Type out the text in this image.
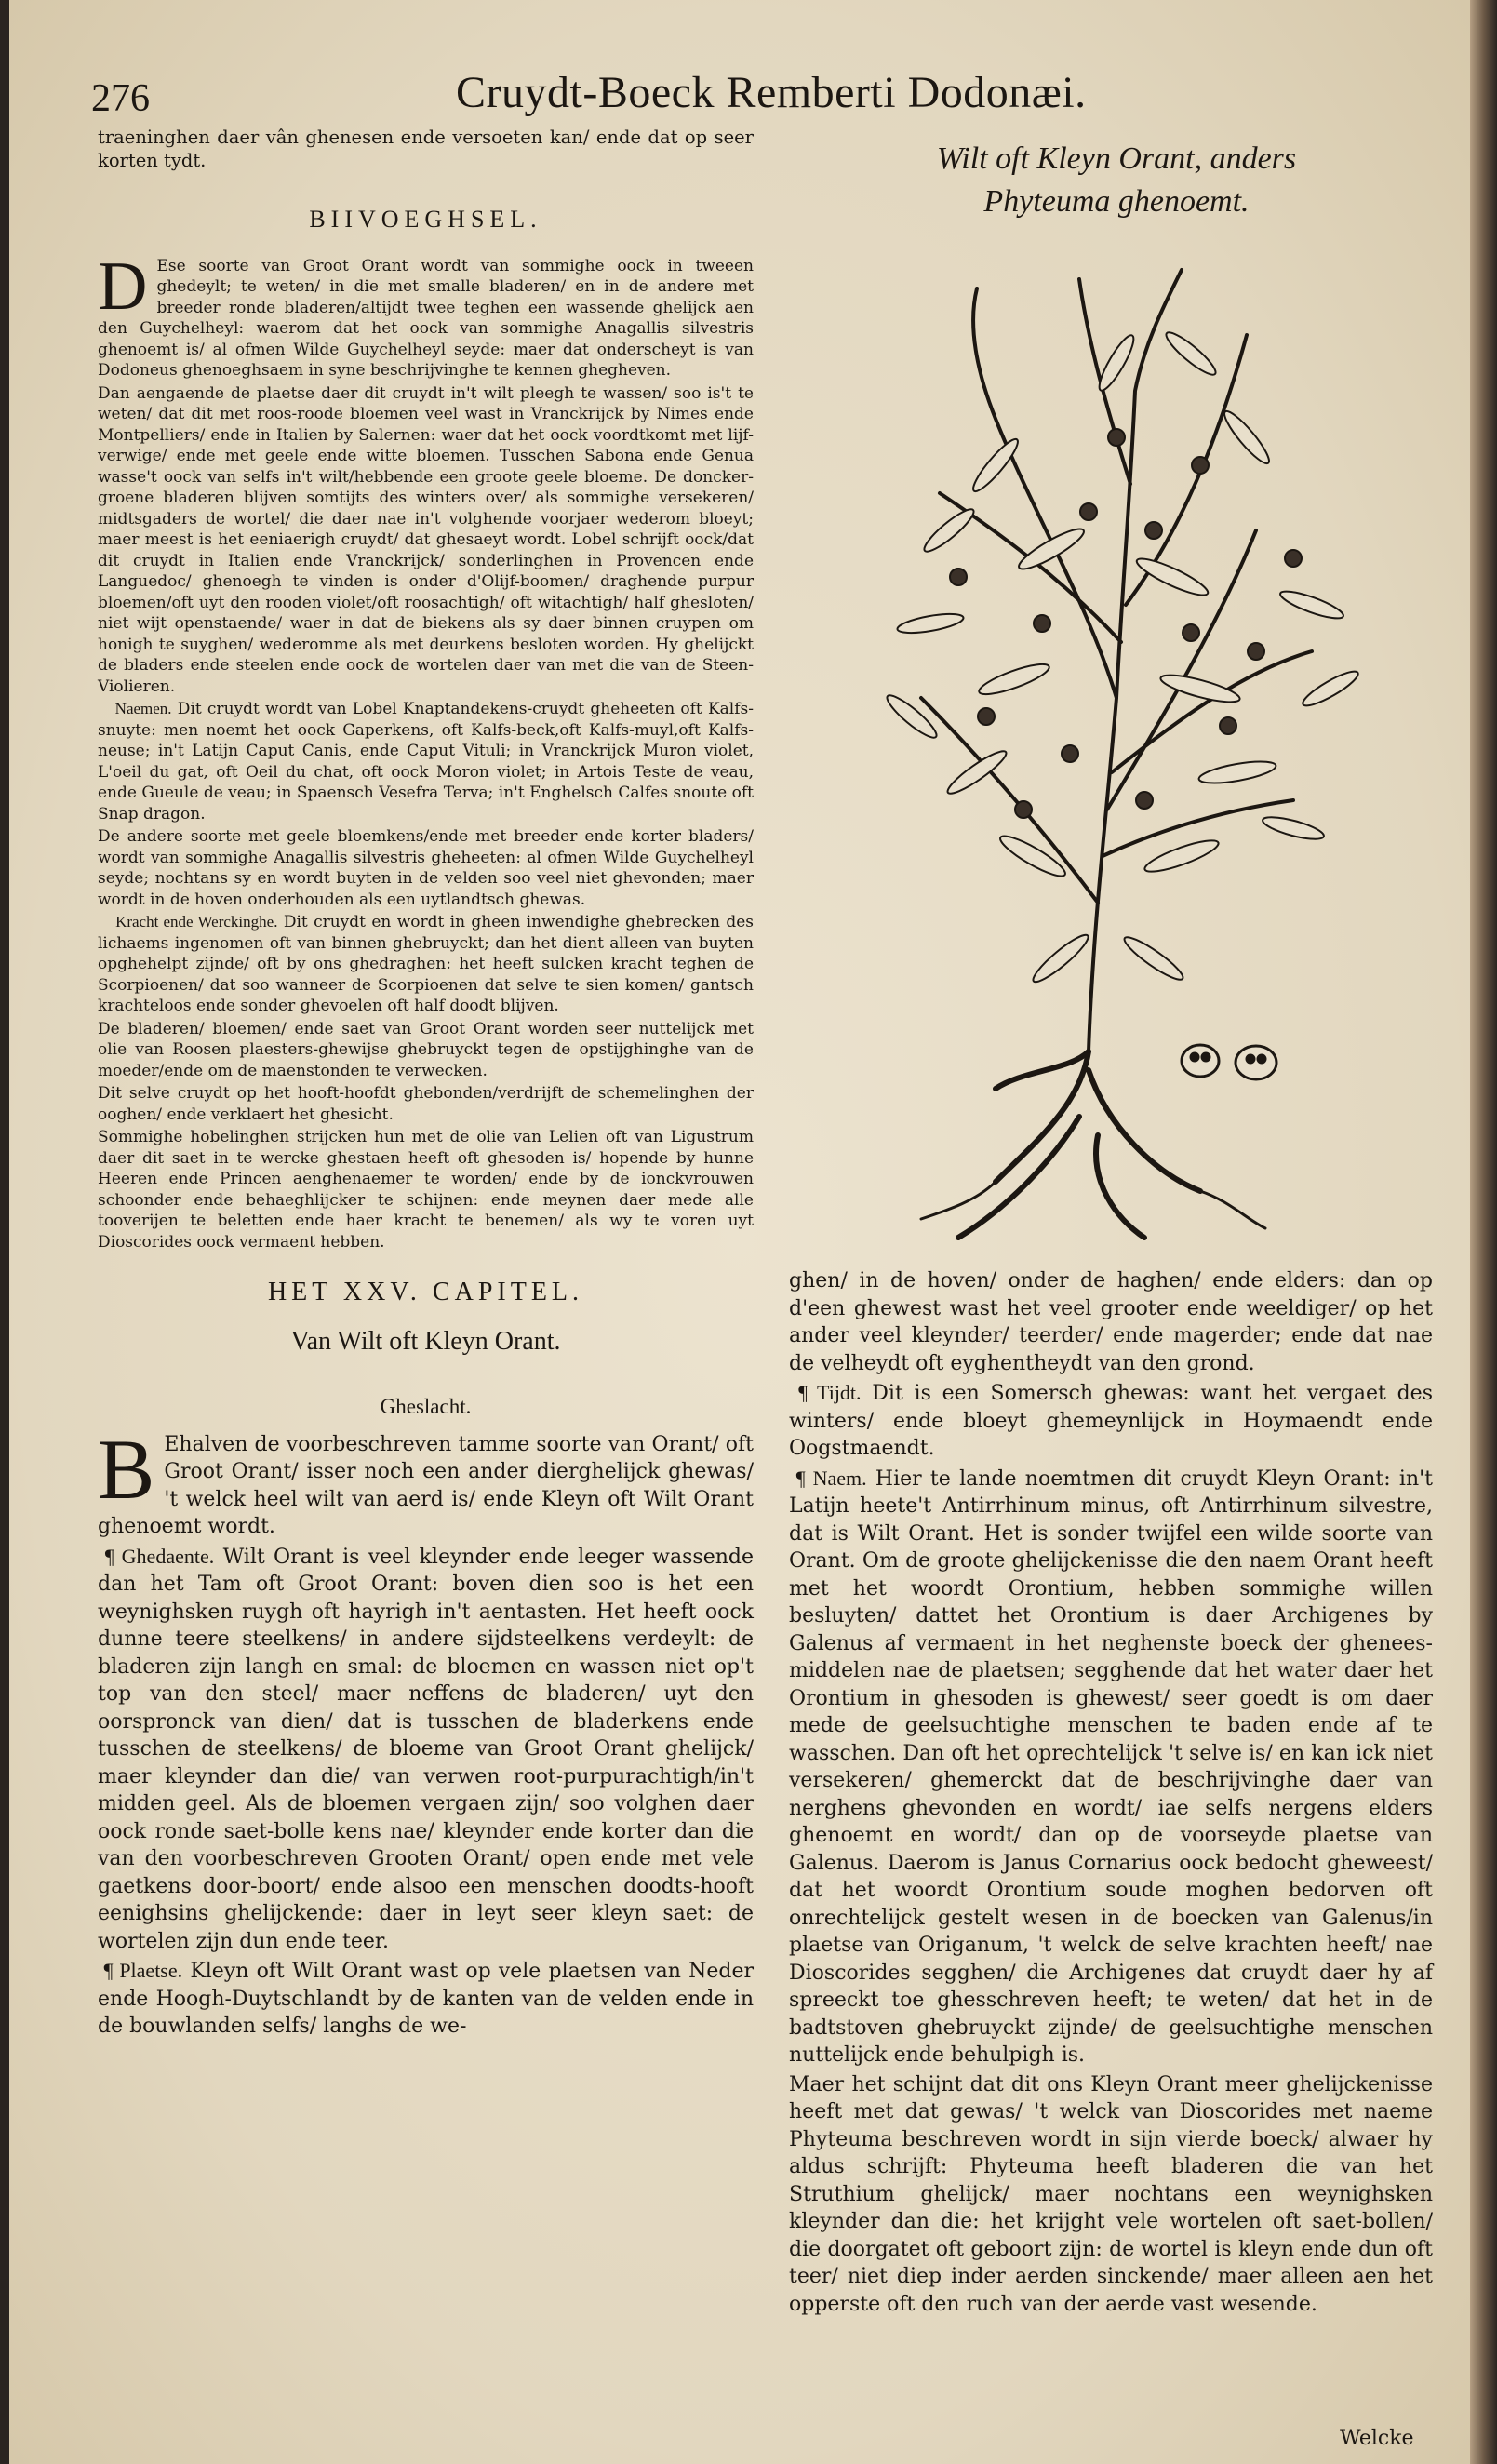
276	Cruydt-Boeck Remberti Dodonæi.

traeninghen daer vân ghenesen ende versoeten kan/ ende dat op seer korten tydt.

BIIVOEGHSEL.

D Ese soorte van Groot Orant wordt van sommighe oock in tweeen ghedeylt; te weten/ in die met smalle bladeren/ en in de andere met breeder ronde bladeren/altijdt twee teghen een wassende ghelijck aen den Guychelheyl: waerom dat het oock van sommighe Anagallis silvestris ghenoemt is/ al ofmen Wilde Guychelheyl seyde: maer dat onderscheyt is van Dodoneus ghenoeghsaem in syne beschrijvinghe te kennen ghegheven.

Dan aengaende de plaetse daer dit cruydt in't wilt pleegh te wassen/ soo is't te weten/ dat dit met roos-roode bloemen veel wast in Vranckrijck by Nimes ende Montpelliers/ ende in Italien by Salernen: waer dat het oock voordtkomt met lijf-verwige/ ende met geele ende witte bloemen. Tusschen Sabona ende Genua wasse't oock van selfs in't wilt/hebbende een groote geele bloeme. De doncker-groene bladeren blijven somtijts des winters over/ als sommighe versekeren/ midtsgaders de wortel/ die daer nae in't volghende voorjaer wederom bloeyt; maer meest is het eeniaerigh cruydt/ dat ghesaeyt wordt. Lobel schrijft oock/dat dit cruydt in Italien ende Vranckrijck/ sonderlinghen in Provencen ende Languedoc/ ghenoegh te vinden is onder d'Olijf-boomen/ draghende purpur bloemen/oft uyt den rooden violet/oft roosachtigh/ oft witachtigh/ half ghesloten/ niet wijt openstaende/ waer in dat de biekens als sy daer binnen cruypen om honigh te suyghen/ wederomme als met deurkens besloten worden. Hy ghelijckt de bladers ende steelen ende oock de wortelen daer van met die van de Steen-Violieren.

Naemen. Dit cruydt wordt van Lobel Knaptandekens-cruydt gheheeten oft Kalfs-snuyte: men noemt het oock Gaperkens, oft Kalfs-beck,oft Kalfs-muyl,oft Kalfs-neuse; in't Latijn Caput Canis, ende Caput Vituli; in Vranckrijck Muron violet, L'oeil du gat, oft Oeil du chat, oft oock Moron violet; in Artois Teste de veau, ende Gueule de veau; in Spaensch Vesefra Terva; in't Enghelsch Calfes snoute oft Snap dragon.

De andere soorte met geele bloemkens/ende met breeder ende korter bladers/ wordt van sommighe Anagallis silvestris gheheeten: al ofmen Wilde Guychelheyl seyde; nochtans sy en wordt buyten in de velden soo veel niet ghevonden; maer wordt in de hoven onderhouden als een uytlandtsch ghewas.

Kracht ende Werckinghe. Dit cruydt en wordt in gheen inwendighe ghebrecken des lichaems ingenomen oft van binnen ghebruyckt; dan het dient alleen van buyten opghehelpt zijnde/ oft by ons ghedraghen: het heeft sulcken kracht teghen de Scorpioenen/ dat soo wanneer de Scorpioenen dat selve te sien komen/ gantsch krachteloos ende sonder ghevoelen oft half doodt blijven.

De bladeren/ bloemen/ ende saet van Groot Orant worden seer nuttelijck met olie van Roosen plaesters-ghewijse ghebruyckt tegen de opstijghinghe van de moeder/ende om de maenstonden te verwecken.

Dit selve cruydt op het hooft-hoofdt ghebonden/verdrijft de schemelinghen der ooghen/ ende verklaert het ghesicht.

Sommighe hobelinghen strijcken hun met de olie van Lelien oft van Ligustrum daer dit saet in te wercke ghestaen heeft oft ghesoden is/ hopende by hunne Heeren ende Princen aenghenaemer te worden/ ende by de ionckvrouwen schoonder ende behaeghlijcker te schijnen: ende meynen daer mede alle tooverijen te beletten ende haer kracht te benemen/ als wy te voren uyt Dioscorides oock vermaent hebben.

HET XXV. CAPITEL.
Van Wilt oft Kleyn Orant.
Gheslacht.

B Ehalven de voorbeschreven tamme soorte van Orant/ oft Groot Orant/ isser noch een ander dierghelijck ghewas/ 't welck heel wilt van aerd is/ ende Kleyn oft Wilt Orant ghenoemt wordt.

¶ Ghedaente. Wilt Orant is veel kleynder ende leeger wassende dan het Tam oft Groot Orant: boven dien soo is het een weynighsken ruygh oft hayrigh in't aentasten. Het heeft oock dunne teere steelkens/ in andere sijdsteelkens verdeylt: de bladeren zijn langh en smal: de bloemen en wassen niet op't top van den steel/ maer neffens de bladeren/ uyt den oorspronck van dien/ dat is tusschen de bladerkens ende tusschen de steelkens/ de bloeme van Groot Orant ghelijck/ maer kleynder dan die/ van verwen root-purpurachtigh/in't midden geel. Als de bloemen vergaen zijn/ soo volghen daer oock ronde saet-bolle kens nae/ kleynder ende korter dan die van den voorbeschreven Grooten Orant/ open ende met vele gaetkens door-boort/ ende alsoo een menschen doodts-hooft eenighsins ghelijckende: daer in leyt seer kleyn saet: de wortelen zijn dun ende teer.

¶ Plaetse. Kleyn oft Wilt Orant wast op vele plaetsen van Neder ende Hoogh-Duytschlandt by de kanten van de velden ende in de bouwlanden selfs/ langhs de we-

Wilt oft Kleyn Orant, anders
Phyteuma ghenoemt.

ghen/ in de hoven/ onder de haghen/ ende elders: dan op d'een ghewest wast het veel grooter ende weeldiger/ op het ander veel kleynder/ teerder/ ende magerder; ende dat nae de velheydt oft eyghentheydt van den grond.

¶ Tijdt. Dit is een Somersch ghewas: want het vergaet des winters/ ende bloeyt ghemeynlijck in Hoymaendt ende Oogstmaendt.

¶ Naem. Hier te lande noemtmen dit cruydt Kleyn Orant: in't Latijn heete't Antirrhinum minus, oft Antirrhinum silvestre, dat is Wilt Orant. Het is sonder twijfel een wilde soorte van Orant. Om de groote ghelijckenisse die den naem Orant heeft met het woordt Orontium, hebben sommighe willen besluyten/ dattet het Orontium is daer Archigenes by Galenus af vermaent in het neghenste boeck der ghenees-middelen nae de plaetsen; segghende dat het water daer het Orontium in ghesoden is ghewest/ seer goedt is om daer mede de geelsuchtighe menschen te baden ende af te wasschen. Dan oft het oprechtelijck 't selve is/ en kan ick niet versekeren/ ghemerckt dat de beschrijvinghe daer van nerghens ghevonden en wordt/ iae selfs nergens elders ghenoemt en wordt/ dan op de voorseyde plaetse van Galenus. Daerom is Janus Cornarius oock bedocht gheweest/ dat het woordt Orontium soude moghen bedorven oft onrechtelijck gestelt wesen in de boecken van Galenus/in plaetse van Origanum, 't welck de selve krachten heeft/ nae Dioscorides segghen/ die Archigenes dat cruydt daer hy af spreeckt toe ghesschreven heeft; te weten/ dat het in de badtstoven ghebruyckt zijnde/ de geelsuchtighe menschen nuttelijck ende behulpigh is.

Maer het schijnt dat dit ons Kleyn Orant meer ghelijckenisse heeft met dat gewas/ 't welck van Dioscorides met naeme Phyteuma beschreven wordt in sijn vierde boeck/ alwaer hy aldus schrijft: Phyteuma heeft bladeren die van het Struthium ghelijck/ maer nochtans een weynighsken kleynder dan die: het krijght vele wortelen oft saet-bollen/ die doorgatet oft geboort zijn: de wortel is kleyn ende dun oft teer/ niet diep inder aerden sinckende/ maer alleen aen het opperste oft den ruch van der aerde vast wesende.

Welcke
